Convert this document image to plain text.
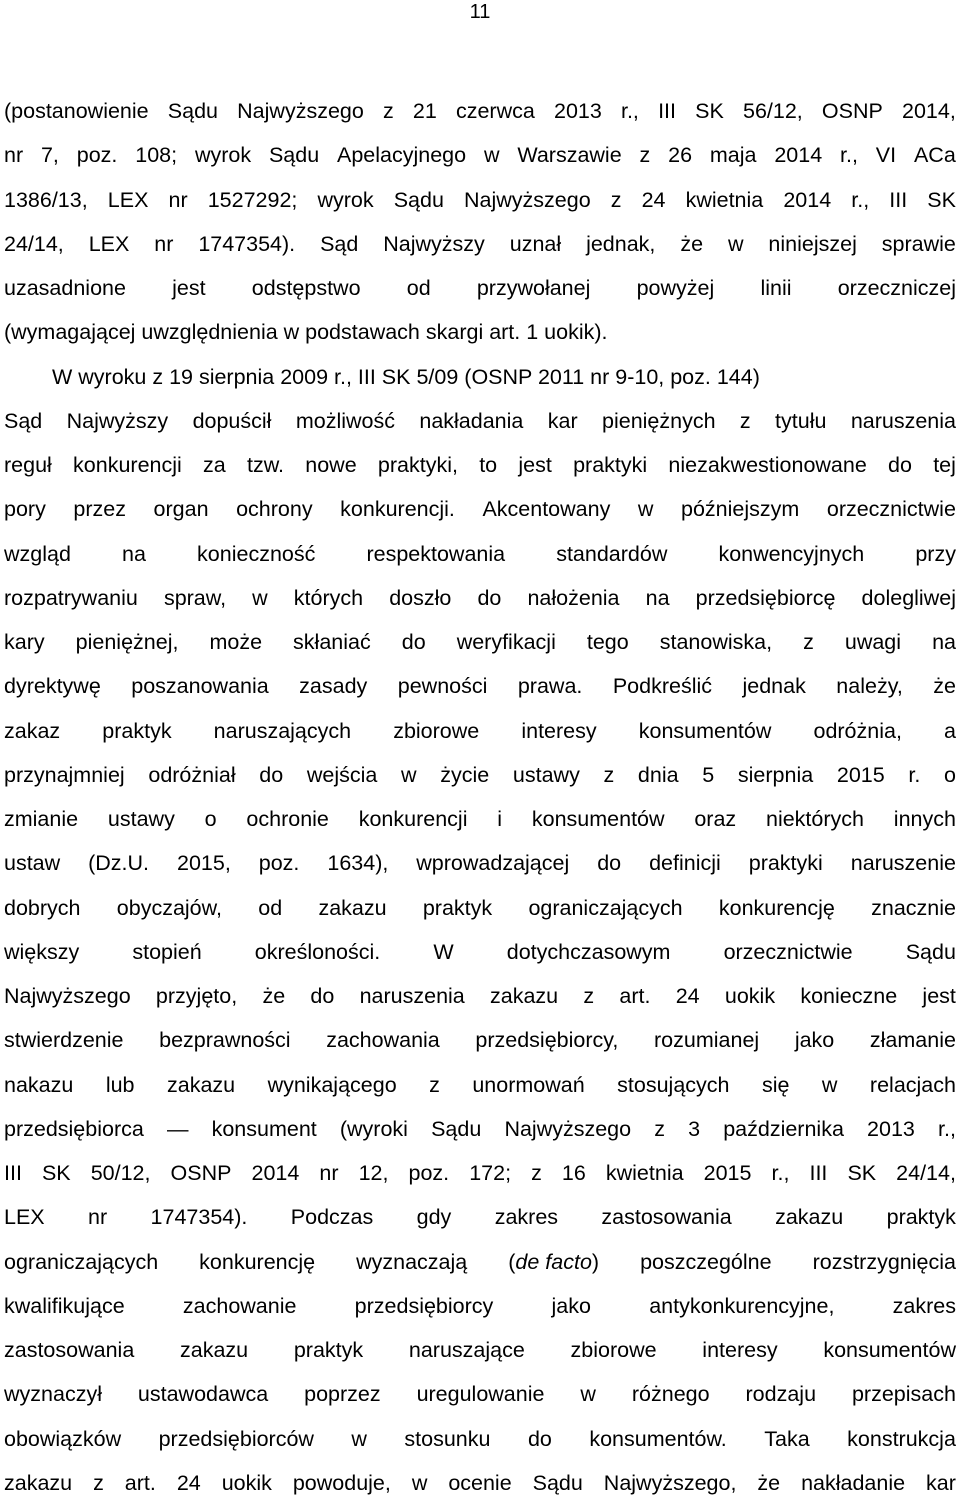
11
(postanowienie Sądu Najwyższego z 21 czerwca 2013 r., III SK 56/12, OSNP 2014,
nr 7, poz. 108; wyrok Sądu Apelacyjnego w Warszawie z 26 maja 2014 r., VI ACa
1386/13, LEX nr 1527292; wyrok Sądu Najwyższego z 24 kwietnia 2014 r., III SK
24/14, LEX nr 1747354). Sąd Najwyższy uznał jednak, że w niniejszej sprawie
uzasadnione jest odstępstwo od przywołanej powyżej linii orzeczniczej
(wymagającej uwzględnienia w podstawach skargi art. 1 uokik).
W wyroku z 19 sierpnia 2009 r., III SK 5/09 (OSNP 2011 nr 9-10, poz. 144)
Sąd Najwyższy dopuścił możliwość nakładania kar pieniężnych z tytułu naruszenia
reguł konkurencji za tzw. nowe praktyki, to jest praktyki niezakwestionowane do tej
pory przez organ ochrony konkurencji. Akcentowany w późniejszym orzecznictwie
wzgląd na konieczność respektowania standardów konwencyjnych przy
rozpatrywaniu spraw, w których doszło do nałożenia na przedsiębiorcę dolegliwej
kary pieniężnej, może skłaniać do weryfikacji tego stanowiska, z uwagi na
dyrektywę poszanowania zasady pewności prawa. Podkreślić jednak należy, że
zakaz praktyk naruszających zbiorowe interesy konsumentów odróżnia, a
przynajmniej odróżniał do wejścia w życie ustawy z dnia 5 sierpnia 2015 r. o
zmianie ustawy o ochronie konkurencji i konsumentów oraz niektórych innych
ustaw (Dz.U. 2015, poz. 1634), wprowadzającej do definicji praktyki naruszenie
dobrych obyczajów, od zakazu praktyk ograniczających konkurencję znacznie
większy stopień określoności. W dotychczasowym orzecznictwie Sądu
Najwyższego przyjęto, że do naruszenia zakazu z art. 24 uokik konieczne jest
stwierdzenie bezprawności zachowania przedsiębiorcy, rozumianej jako złamanie
nakazu lub zakazu wynikającego z unormowań stosujących się w relacjach
przedsiębiorca — konsument (wyroki Sądu Najwyższego z 3 października 2013 r.,
III SK 50/12, OSNP 2014 nr 12, poz. 172; z 16 kwietnia 2015 r., III SK 24/14,
LEX nr 1747354). Podczas gdy zakres zastosowania zakazu praktyk
ograniczających konkurencję wyznaczają (de facto) poszczególne rozstrzygnięcia
kwalifikujące	zachowanie	przedsiębiorcy	jako	antykonkurencyjne,	zakres
zastosowania zakazu praktyk naruszające zbiorowe interesy konsumentów
wyznaczył ustawodawca poprzez uregulowanie w różnego rodzaju przepisach
obowiązków przedsiębiorców w stosunku do konsumentów. Taka konstrukcja
zakazu z art. 24 uokik powoduje, w ocenie Sądu Najwyższego, że nakładanie kar
